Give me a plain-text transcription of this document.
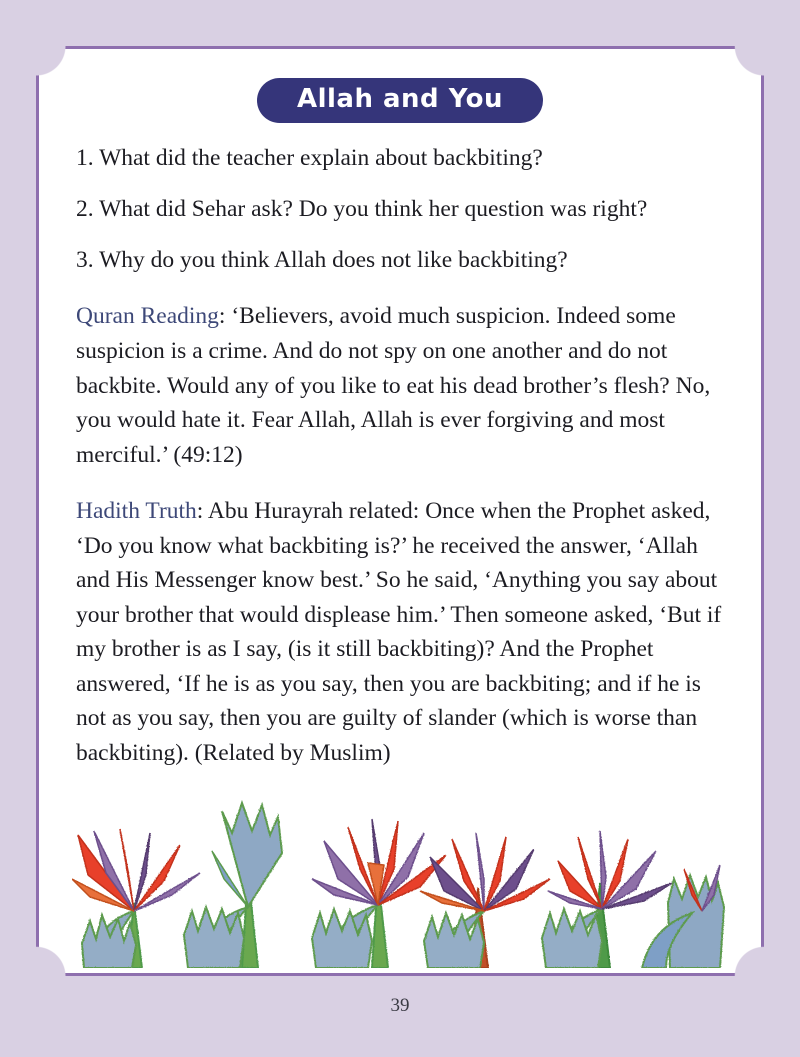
Allah and You

1. What did the teacher explain about backbiting?

2. What did Sehar ask? Do you think her question was right?

3. Why do you think Allah does not like backbiting?

Quran Reading: ‘Believers, avoid much suspicion. Indeed some suspicion is a crime. And do not spy on one another and do not backbite. Would any of you like to eat his dead brother’s flesh? No, you would hate it. Fear Allah, Allah is ever forgiving and most merciful.’ (49:12)

Hadith Truth: Abu Hurayrah related: Once when the Prophet asked, ‘Do you know what backbiting is?’ he received the answer, ‘Allah and His Messenger know best.’ So he said, ‘Anything you say about your brother that would displease him.’ Then someone asked, ‘But if my brother is as I say, (is it still backbiting)? And the Prophet answered, ‘If he is as you say, then you are backbiting; and if he is not as you say, then you are guilty of slander (which is worse than backbiting). (Related by Muslim)

39
